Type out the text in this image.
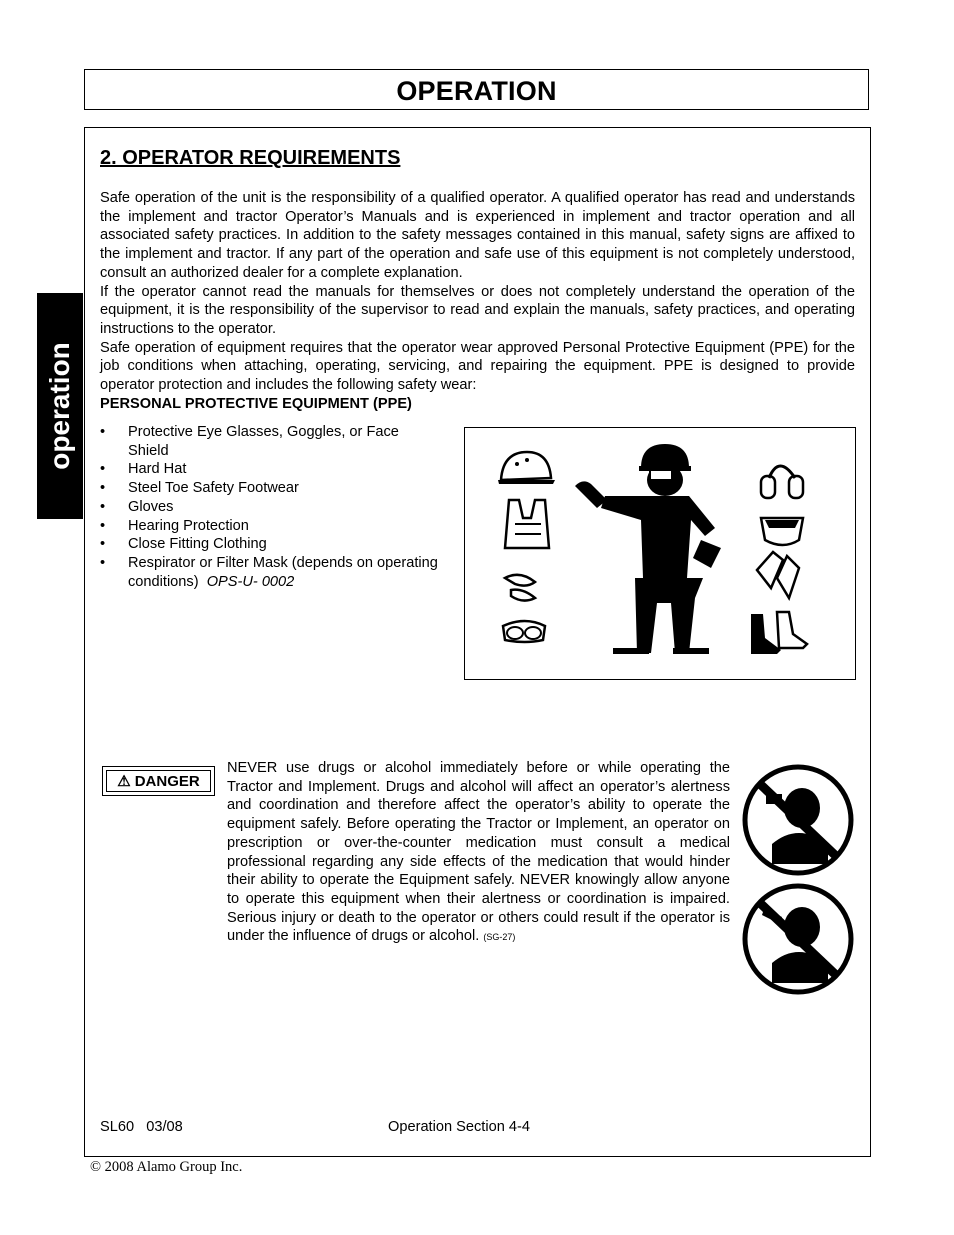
OPERATION
operation
2. OPERATOR REQUIREMENTS

Safe operation of the unit is the responsibility of a qualified operator. A qualified operator has read and understands the implement and tractor Operator’s Manuals and is experienced in implement and tractor operation and all associated safety practices. In addition to the safety messages contained in this manual, safety signs are affixed to the implement and tractor. If any part of the operation and safe use of this equipment is not completely understood, consult an authorized dealer for a complete explanation.

If the operator cannot read the manuals for themselves or does not completely understand the operation of the equipment, it is the responsibility of the supervisor to read and explain the manuals, safety practices, and operating instructions to the operator.

Safe operation of equipment requires that the operator wear approved Personal Protective Equipment (PPE) for the job conditions when attaching, operating, servicing, and repairing the equipment. PPE is designed to provide operator protection and includes the following safety wear:

PERSONAL PROTECTIVE EQUIPMENT (PPE)
• Protective Eye Glasses, Goggles, or Face Shield
• Hard Hat
• Steel Toe Safety Footwear
• Gloves
• Hearing Protection
• Close Fitting Clothing
• Respirator or Filter Mask (depends on operating conditions) OPS-U- 0002
⚠ DANGER
NEVER use drugs or alcohol immediately before or while operating the Tractor and Implement. Drugs and alcohol will affect an operator’s alertness and coordination and therefore affect the operator’s ability to operate the equipment safely. Before operating the Tractor or Implement, an operator on prescription or over-the-counter medication must consult a medical professional regarding any side effects of the medication that would hinder their ability to operate the Equipment safely. NEVER knowingly allow anyone to operate this equipment when their alertness or coordination is impaired. Serious injury or death to the operator or others could result if the operator is under the influence of drugs or alcohol. (SG-27)
SL60   03/08	Operation Section 4-4
© 2008 Alamo Group Inc.
